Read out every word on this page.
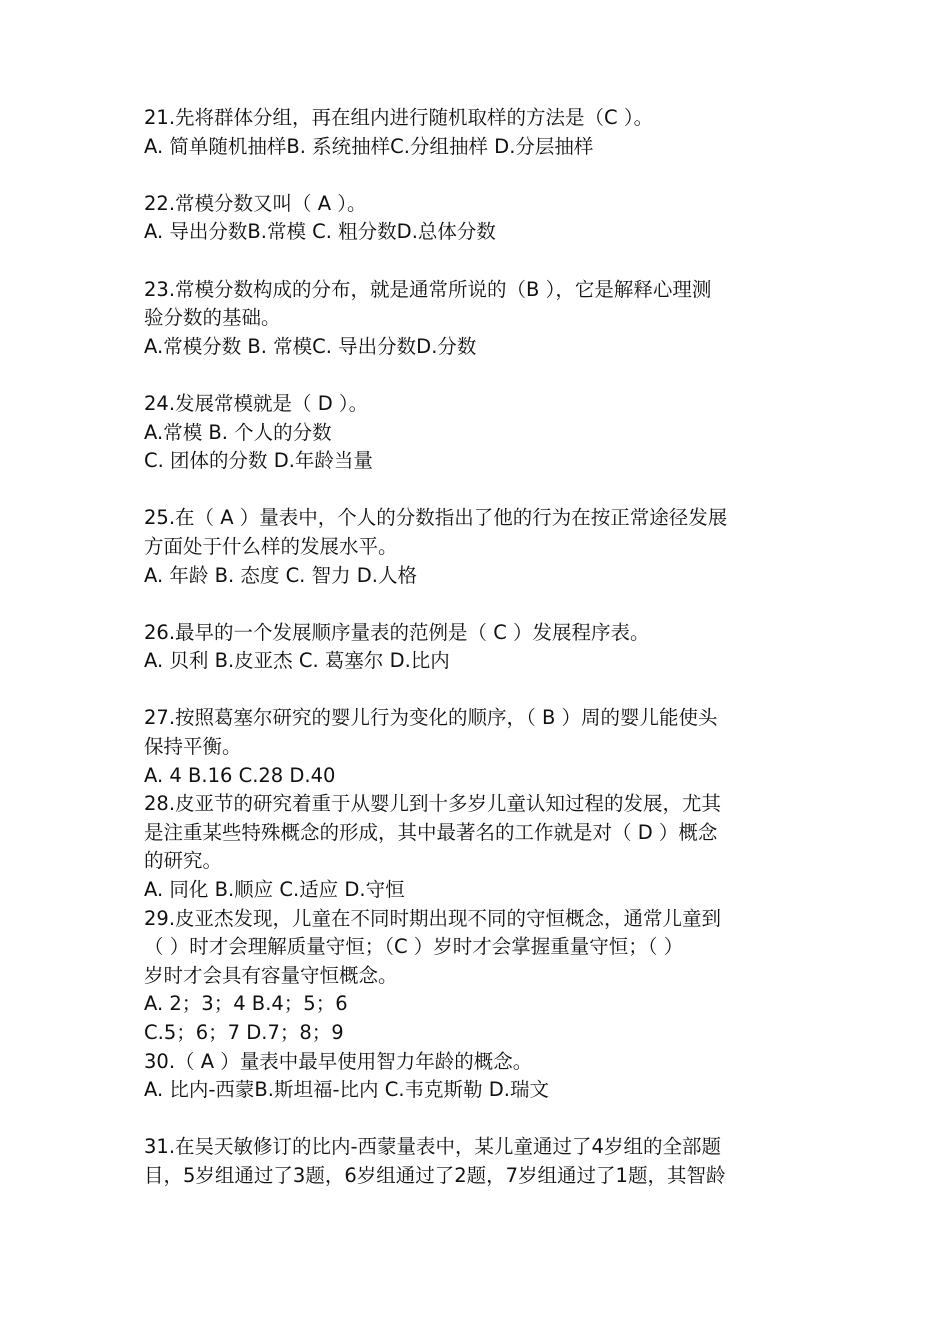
21.先将群体分组，再在组内进行随机取样的方法是（C ）。
A. 简单随机抽样B. 系统抽样C.分组抽样 D.分层抽样
22.常模分数又叫（ A ）。
A. 导出分数B.常模 C. 粗分数D.总体分数
23.常模分数构成的分布，就是通常所说的（B ），它是解释心理测
验分数的基础。
A.常模分数 B. 常模C. 导出分数D.分数
24.发展常模就是（ D ）。
A.常模 B. 个人的分数
C. 团体的分数 D.年龄当量
25.在（ A ）量表中，个人的分数指出了他的行为在按正常途径发展
方面处于什么样的发展水平。
A. 年龄 B. 态度 C. 智力 D.人格
26.最早的一个发展顺序量表的范例是（ C ）发展程序表。
A. 贝利 B.皮亚杰 C. 葛塞尔 D.比内
27.按照葛塞尔研究的婴儿行为变化的顺序，（ B ）周的婴儿能使头
保持平衡。
A. 4 B.16 C.28 D.40
28.皮亚节的研究着重于从婴儿到十多岁儿童认知过程的发展，尤其
是注重某些特殊概念的形成，其中最著名的工作就是对（ D ）概念
的研究。
A. 同化 B.顺应 C.适应 D.守恒
29.皮亚杰发现，儿童在不同时期出现不同的守恒概念，通常儿童到
（ ）时才会理解质量守恒；（C ）岁时才会掌握重量守恒；（ ）
岁时才会具有容量守恒概念。
A. 2；3；4 B.4；5；6
C.5；6；7 D.7；8；9
30.（ A ）量表中最早使用智力年龄的概念。
A. 比内-西蒙B.斯坦福-比内 C.韦克斯勒 D.瑞文
31.在吴天敏修订的比内-西蒙量表中，某儿童通过了4岁组的全部题
目，5岁组通过了3题，6岁组通过了2题，7岁组通过了1题，其智龄
